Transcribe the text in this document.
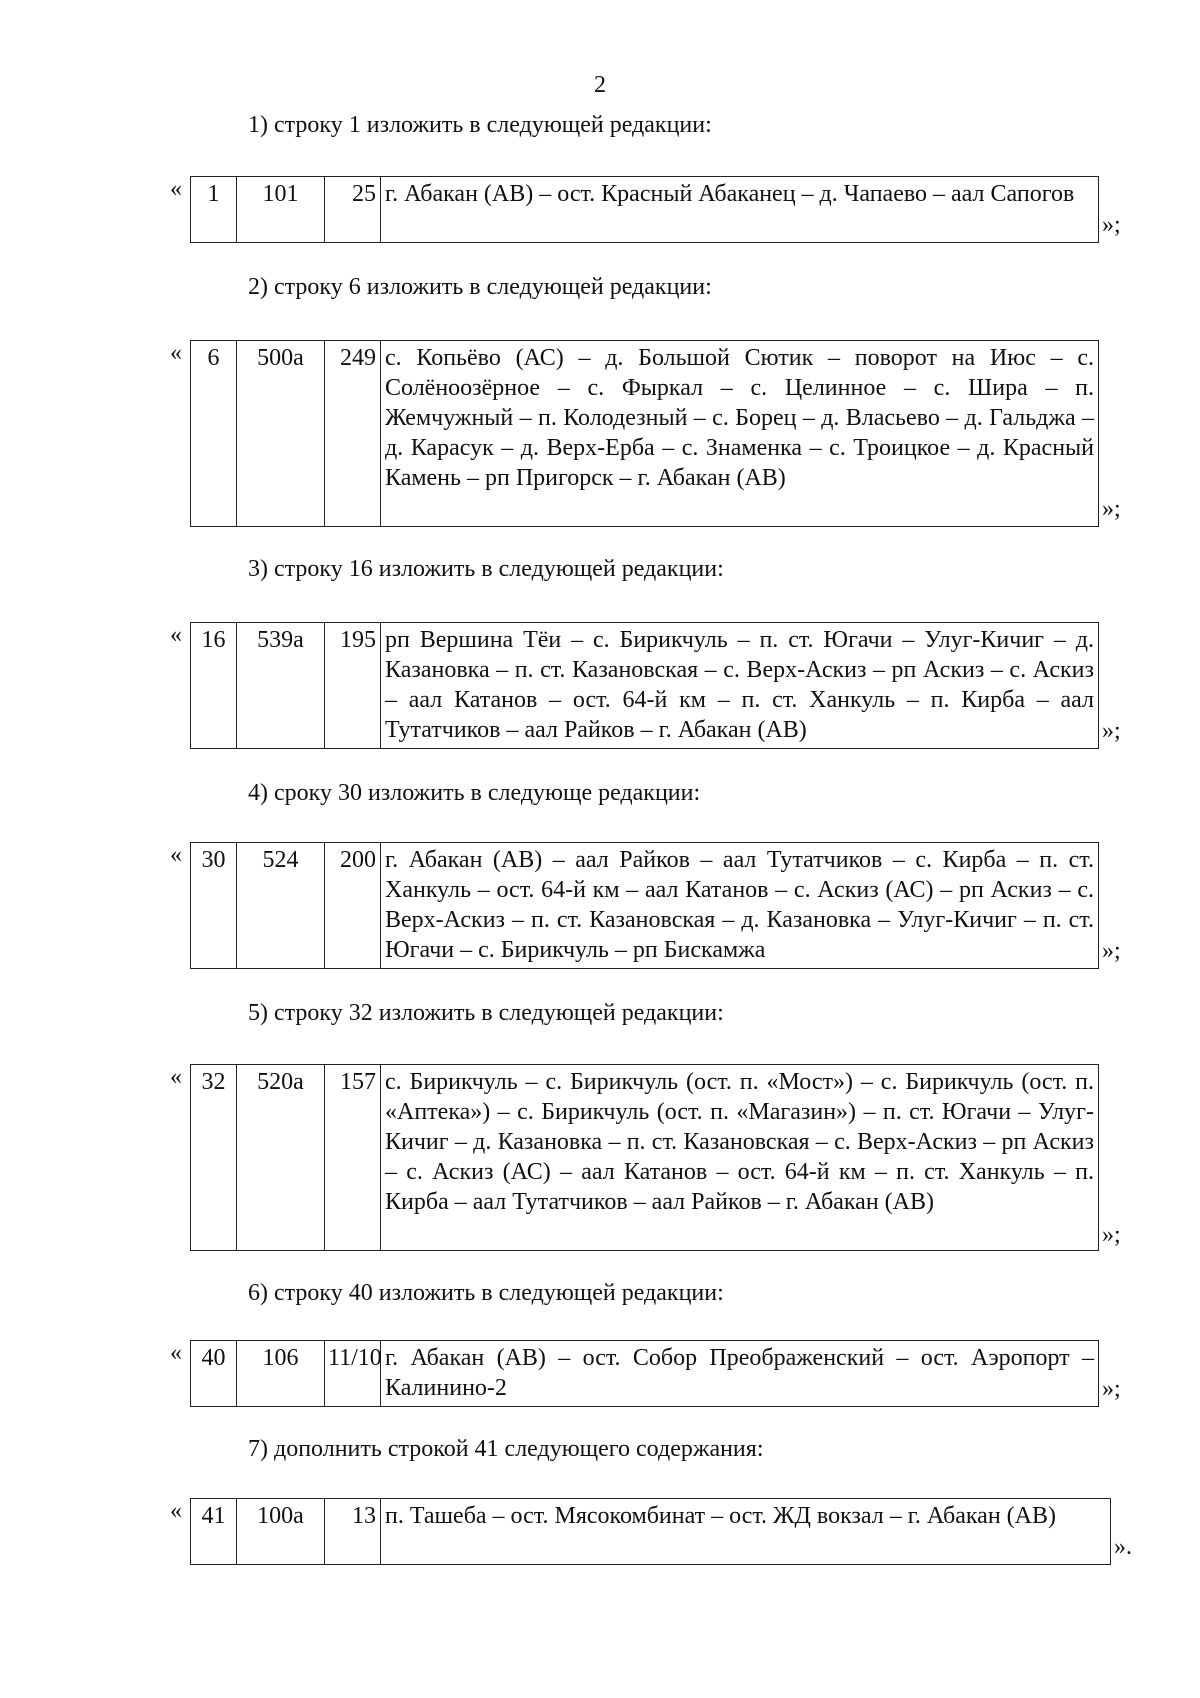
2
1) строку 1 изложить в следующей редакции:
« 1	101	25	г. Абакан (АВ) – ост. Красный Абаканец – д. Чапаево – аал Сапогов
»;
2) строку 6 изложить в следующей редакции:
« 6	500а	249	с. Копьёво (АС) – д. Большой Сютик – поворот на Июс – с. Солёноозёрное – с. Фыркал – с. Целинное – с. Шира – п. Жемчужный – п. Колодезный – с. Борец – д. Власьево – д. Гальджа – д. Карасук – д. Верх-Ерба – с. Знаменка – с. Троицкое – д. Красный Камень – рп Пригорск – г. Абакан (АВ)
»;
3) строку 16 изложить в следующей редакции:
« 16	539а	195	рп Вершина Тёи – с. Бирикчуль – п. ст. Югачи – Улуг-Кичиг – д. Казановка – п. ст. Казановская – с. Верх-Аскиз – рп Аскиз – с. Аскиз – аал Катанов – ост. 64-й км – п. ст. Ханкуль – п. Кирба – аал Тутатчиков – аал Райков – г. Абакан (АВ)	»;
4) сроку 30 изложить в следующе редакции:
« 30	524	200	г. Абакан (АВ) – аал Райков – аал Тутатчиков – с. Кирба – п. ст. Ханкуль – ост. 64-й км – аал Катанов – с. Аскиз (АС) – рп Аскиз – с. Верх-Аскиз – п. ст. Казановская – д. Казановка – Улуг-Кичиг – п. ст. Югачи – с. Бирикчуль – рп Бискамжа	»;
5) строку 32 изложить в следующей редакции:
« 32	520а	157	с. Бирикчуль – с. Бирикчуль (ост. п. «Мост») – с. Бирикчуль (ост. п. «Аптека») – с. Бирикчуль (ост. п. «Магазин») – п. ст. Югачи – Улуг-Кичиг – д. Казановка – п. ст. Казановская – с. Верх-Аскиз – рп Аскиз – с. Аскиз (АС) – аал Катанов – ост. 64-й км – п. ст. Ханкуль – п. Кирба – аал Тутатчиков – аал Райков – г. Абакан (АВ)
»;
6) строку 40 изложить в следующей редакции:
« 40	106	11/10	г. Абакан (АВ) – ост. Собор Преображенский – ост. Аэропорт – Калинино-2	»;
7) дополнить строкой 41 следующего содержания:
« 41	100а	13	п. Ташеба – ост. Мясокомбинат – ост. ЖД вокзал – г. Абакан (АВ)
».
